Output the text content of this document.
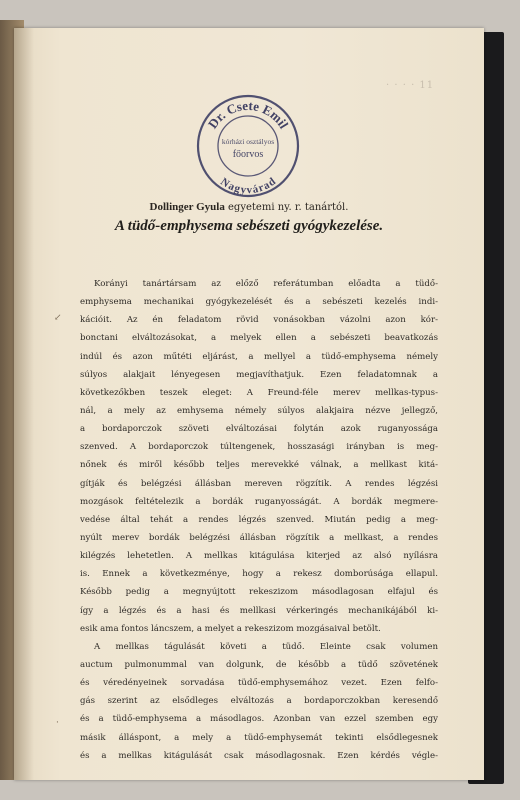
· · · · 11
Dr. Csete Emil
Nagyvárad
kórházi osztályos
főorvos
Dollinger Gyula egyetemi ny. r. tanártól.
A tüdő-emphysema sebészeti gyógykezelése.
↙
·
Korányi tanártársam az előző referátumban előadta a tüdő-
emphysema mechanikai gyógykezelését és a sebészeti kezelés indi-
kációit. Az én feladatom rövid vonásokban vázolni azon kór-
bonctani elváltozásokat, a melyek ellen a sebészeti beavatkozás
indúl és azon műtéti eljárást, a mellyel a tüdő-emphysema némely
súlyos alakjait lényegesen megjavíthatjuk. Ezen feladatomnak a
következőkben teszek eleget: A Freund-féle merev mellkas-typus-
nál, a mely az emhysema némely súlyos alakjaira nézve jellegző,
a bordaporczok szöveti elváltozásai folytán azok ruganyossága
szenved. A bordaporczok túltengenek, hosszasági irányban is meg-
nőnek és miről később teljes merevekké válnak, a mellkast kitá-
gítják és belégzési állásban mereven rögzítik. A rendes légzési
mozgások feltételezik a bordák ruganyosságát. A bordák megmere-
vedése által tehát a rendes légzés szenved. Miután pedig a meg-
nyúlt merev bordák belégzési állásban rögzítik a mellkast, a rendes
kilégzés lehetetlen. A mellkas kitágulása kiterjed az alsó nyílásra
is. Ennek a következménye, hogy a rekesz domborúsága ellapul.
Később pedig a megnyújtott rekeszizom másodlagosan elfajul és
így a légzés és a hasi és mellkasi vérkeringés mechanikájából ki-
esik ama fontos láncszem, a melyet a rekeszizom mozgásaival betölt.
A mellkas tágulását követi a tüdő. Eleinte csak volumen
auctum pulmonummal van dolgunk, de később a tüdő szövetének
és véredényeinek sorvadása tüdő-emphysemához vezet. Ezen felfo-
gás szerint az elsődleges elváltozás a bordaporczokban keresendő
és a tüdő-emphysema a másodlagos. Azonban van ezzel szemben egy
másik álláspont, a mely a tüdő-emphysemát tekinti elsődlegesnek
és a mellkas kitágulását csak másodlagosnak. Ezen kérdés végle-
